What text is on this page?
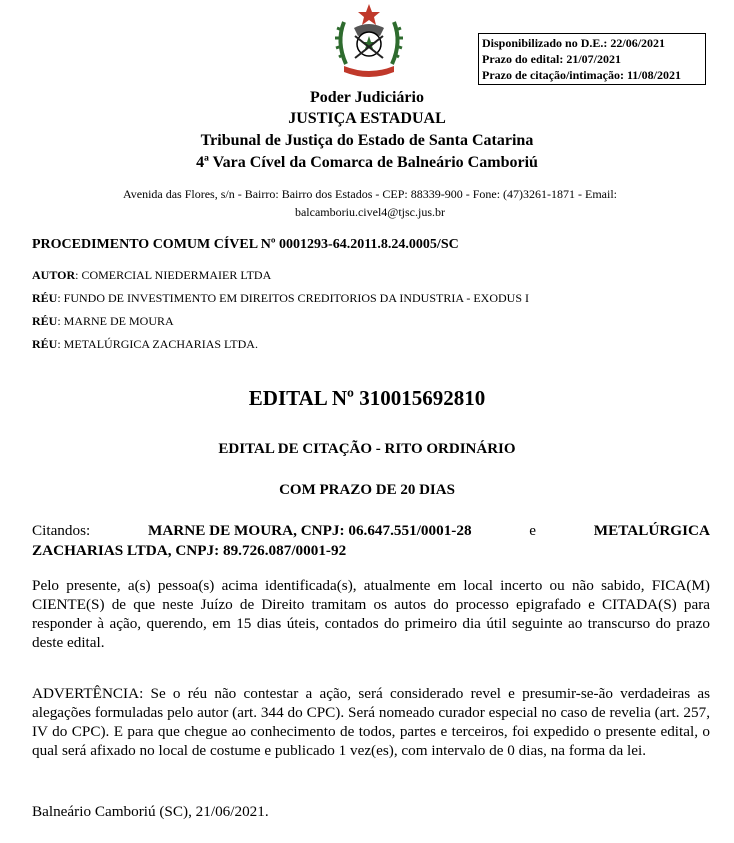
Disponibilizado no D.E.: 22/06/2021
Prazo do edital: 21/07/2021
Prazo de citação/intimação: 11/08/2021
Poder Judiciário
JUSTIÇA ESTADUAL
Tribunal de Justiça do Estado de Santa Catarina
4ª Vara Cível da Comarca de Balneário Camboriú
Avenida das Flores, s/n - Bairro: Bairro dos Estados - CEP: 88339-900 - Fone: (47)3261-1871 - Email:
balcamboriu.civel4@tjsc.jus.br
PROCEDIMENTO COMUM CÍVEL Nº 0001293-64.2011.8.24.0005/SC
AUTOR: COMERCIAL NIEDERMAIER LTDA
RÉU: FUNDO DE INVESTIMENTO EM DIREITOS CREDITORIOS DA INDUSTRIA - EXODUS I
RÉU: MARNE DE MOURA
RÉU: METALÚRGICA ZACHARIAS LTDA.
EDITAL Nº 310015692810
EDITAL DE CITAÇÃO - RITO ORDINÁRIO
COM PRAZO DE 20 DIAS
Citandos:	MARNE DE MOURA, CNPJ: 06.647.551/0001-28	e	METALÚRGICA
ZACHARIAS LTDA, CNPJ: 89.726.087/0001-92
Pelo presente, a(s) pessoa(s) acima identificada(s), atualmente em local incerto ou não sabido, FICA(M) CIENTE(S) de que neste Juízo de Direito tramitam os autos do processo epigrafado e CITADA(S) para responder à ação, querendo, em 15 dias úteis, contados do primeiro dia útil seguinte ao transcurso do prazo deste edital.
ADVERTÊNCIA: Se o réu não contestar a ação, será considerado revel e presumir-se-ão verdadeiras as alegações formuladas pelo autor (art. 344 do CPC). Será nomeado curador especial no caso de revelia (art. 257, IV do CPC). E para que chegue ao conhecimento de todos, partes e terceiros, foi expedido o presente edital, o qual será afixado no local de costume e publicado 1 vez(es), com intervalo de 0 dias, na forma da lei.
Balneário Camboriú (SC), 21/06/2021.
